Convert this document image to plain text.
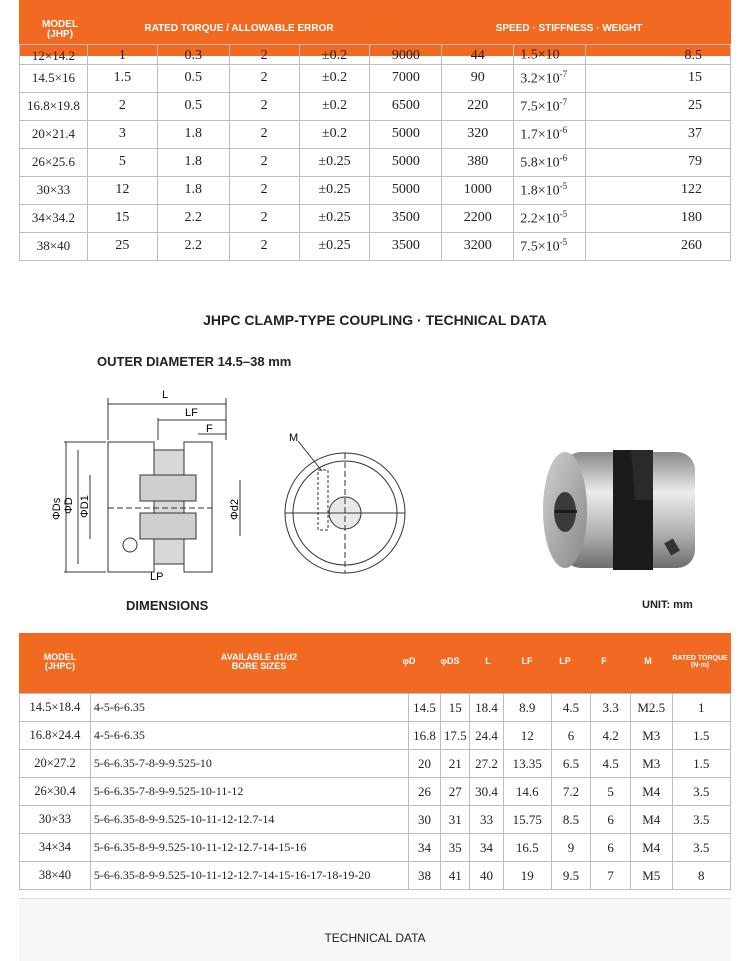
MODEL
(JHP)
RATED TORQUE / ALLOWABLE ERROR	SPEED · STIFFNESS · WEIGHT
12×14.2	1	0.3	2	±0.2	9000	44	1.5×10	8.5
14.5×16	1.5	0.5	2	±0.2	7000	90	$3.2\times 10^{-7}$	15
16.8×19.8	2	0.5	2	±0.2	6500	220	$7.5\times 10^{-7}$	25
20×21.4	3	1.8	2	±0.2	5000	320	$1.7\times 10^{-6}$	37
26×25.6	5	1.8	2	±0.25	5000	380	$5.8\times 10^{-6}$	79
30×33	12	1.8	2	±0.25	5000	1000	$1.8\times 10^{-5}$	122
34×34.2	15	2.2	2	±0.25	3500	2200	$2.2\times 10^{-5}$	180
38×40	25	2.2	2	±0.25	3500	3200	$7.5\times 10^{-5}$	260
JHPC CLAMP-TYPE COUPLING · TECHNICAL DATA
OUTER DIAMETER 14.5–38 mm
L
LF
F
LP
ΦDs ΦD ΦD1	Φd2
M
DIMENSIONS	UNIT: mm
MODEL
(JHPC)
AVAILABLE d1/d2
BORE SIZES	φD	φDS	L	LF	LP	F	M	RATED TORQUE
(N·m)
14.5×18.4	4-5-6-6.35	14.5	15	18.4	8.9	4.5	3.3	M2.5	1
16.8×24.4	4-5-6-6.35	16.8	17.5	24.4	12	6	4.2	M3	1.5
20×27.2	5-6-6.35-7-8-9-9.525-10	20	21	27.2	13.35	6.5	4.5	M3	1.5
26×30.4	5-6-6.35-7-8-9-9.525-10-11-12	26	27	30.4	14.6	7.2	5	M4	3.5
30×33	5-6-6.35-8-9-9.525-10-11-12-12.7-14	30	31	33	15.75	8.5	6	M4	3.5
34×34	5-6-6.35-8-9-9.525-10-11-12-12.7-14-15-16	34	35	34	16.5	9	6	M4	3.5
38×40	5-6-6.35-8-9-9.525-10-11-12-12.7-14-15-16-17-18-19-20	38	41	40	19	9.5	7	M5	8
TECHNICAL DATA
